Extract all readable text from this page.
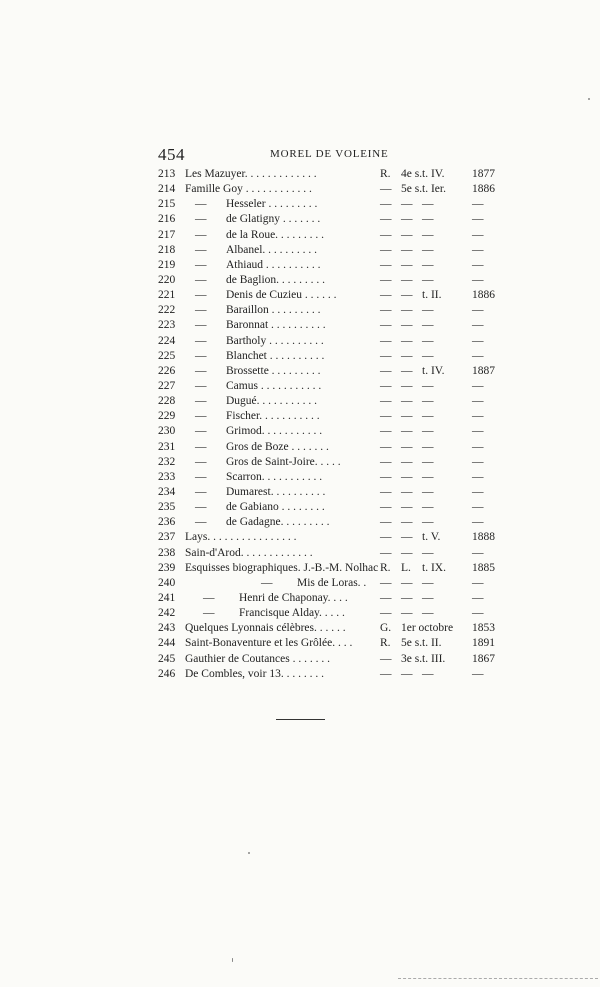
454	MOREL DE VOLEINE
213 Les Mazuyer. . . . . . . . . . . . .	R. 4e s. t. IV. 1877
214 Famille Goy . . . . . . . . . . . .	— 5e s. t. Ier. 1886
215 — Hesseler . . . . . . . . .	— — —	—
216 — de Glatigny . . . . . . .	— — —	—
217 — de la Roue. . . . . . . . .	— — —	—
218 — Albanel. . . . . . . . . .	— — —	—
219 — Athiaud . . . . . . . . . .	— — —	—
220 — de Baglion. . . . . . . . .	— — —	—
221 — Denis de Cuzieu . . . . . .	— — t. II.	1886
222 — Baraillon . . . . . . . . .	— — —	—
223 — Baronnat . . . . . . . . . .	— — —	—
224 — Bartholy . . . . . . . . . .	— — —	—
225 — Blanchet . . . . . . . . . .	— — —	—
226 — Brossette . . . . . . . . .	— — t. IV. 1887
227 — Camus . . . . . . . . . . .	— — —	—
228 — Dugué. . . . . . . . . . .	— — —	—
229 — Fischer. . . . . . . . . . .	— — —	—
230 — Grimod. . . . . . . . . . .	— — —	—
231 — Gros de Boze . . . . . . .	— — —	—
232 — Gros de Saint-Joire. . . . .	— — —	—
233 — Scarron. . . . . . . . . . .	— — —	—
234 — Dumarest. . . . . . . . . .	— — —	—
235 — de Gabiano . . . . . . . .	— — —	—
236 — de Gadagne. . . . . . . . .	— — —	—
237 Lays. . . . . . . . . . . . . . . .	— — t. V.	1888
238 Sain-d'Arod. . . . . . . . . . . . .	— — —	—
239 Esquisses biographiques. J.-B.-M. Nolhac R. L. t. IX. 1885
240	— Mis de Loras. . — — —	—
241 — Henri de Chaponay. . . .	— — —	—
242 — Francisque Alday. . . . .	— — —	—
243 Quelques Lyonnais célèbres. . . . . .	G. 1er octobre 1853
244 Saint-Bonaventure et les Grôlée. . . . R. 5e s. t. II.	1891
245 Gauthier de Coutances . . . . . . .	— 3e s. t. III. 1867
246 De Combles, voir 13. . . . . . . .	— — —	—
